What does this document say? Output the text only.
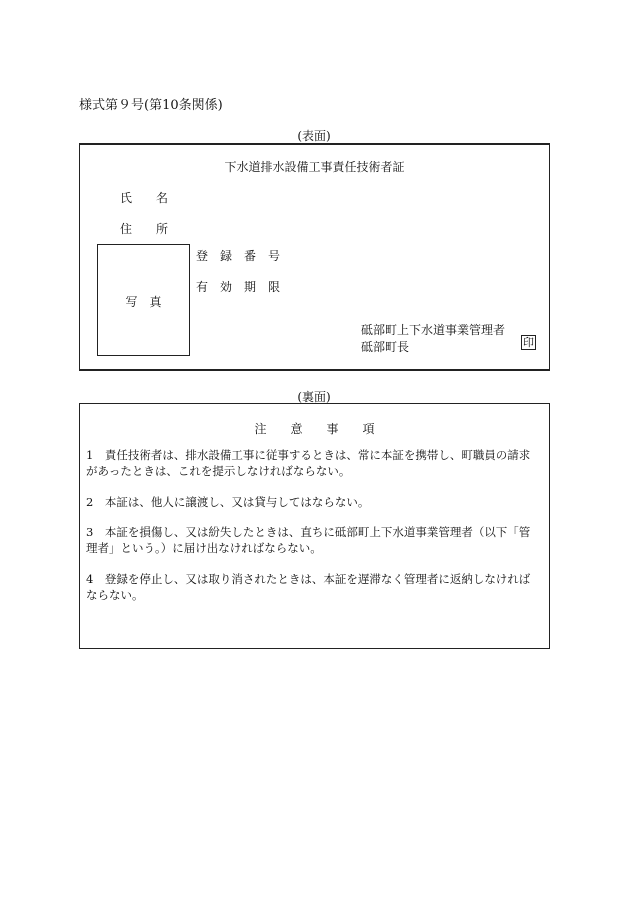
様式第９号(第10条関係)
(表面)
下水道排水設備工事責任技術者証
氏　　名
住　　所
写　真
登　録　番　号
有　効　期　限
砥部町上下水道事業管理者
砥部町長	印
(裏面)
注　　意　　事　　項
1　責任技術者は、排水設備工事に従事するときは、常に本証を携帯し、町職員の請求があったときは、これを提示しなければならない。
2　本証は、他人に譲渡し、又は貸与してはならない。
3　本証を損傷し、又は紛失したときは、直ちに砥部町上下水道事業管理者（以下「管理者」という。）に届け出なければならない。
4　登録を停止し、又は取り消されたときは、本証を遅滞なく管理者に返納しなければならない。
